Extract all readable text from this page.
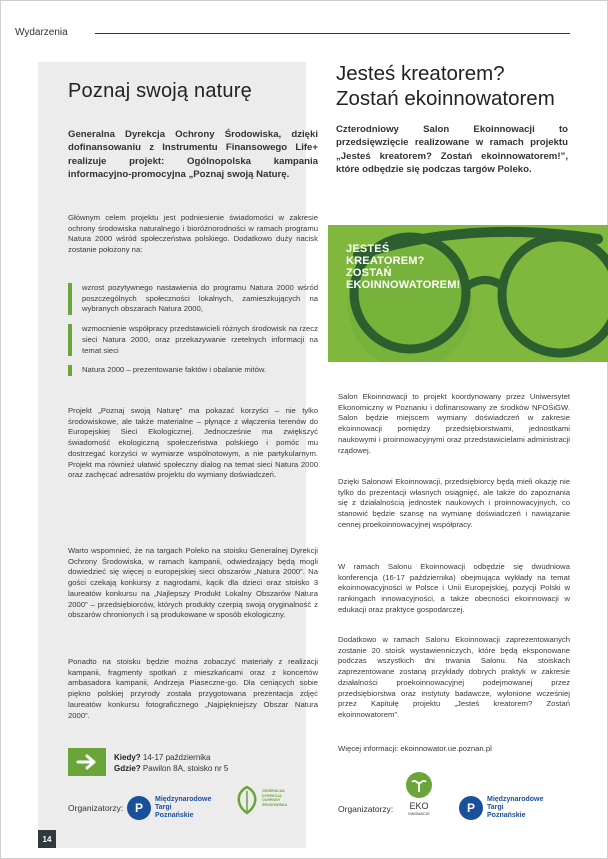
Wydarzenia
Poznaj swoją naturę
Generalna Dyrekcja Ochrony Środowiska, dzięki dofinansowaniu z Instrumentu Finansowego Life+ realizuje projekt: Ogólnopolska kampania informacyjno-promocyjna „Poznaj swoją Naturę.
Głównym celem projektu jest podniesienie świadomości w zakresie ochrony środowiska naturalnego i bioróżnorodności w ramach programu Natura 2000 wśród społeczeństwa polskiego. Dodatkowo duży nacisk zostanie położony na:
wzrost pozytywnego nastawienia do programu Natura 2000 wśród poszczególnych społeczności lokalnych, zamieszkujących na wybranych obszarach Natura 2000,
wzmocnienie współpracy przedstawicieli różnych środowisk na rzecz sieci Natura 2000, oraz przekazywanie rzetelnych informacji na temat sieci
Natura 2000 – prezentowanie faktów i obalanie mitów.
Projekt „Poznaj swoją Naturę” ma pokazać korzyści – nie tylko środowiskowe, ale także materialne – płynące z włączenia terenów do Europejskiej Sieci Ekologicznej. Jednocześnie ma zwiększyć świadomość ekologiczną społeczeństwa polskiego i pomóc mu dostrzegać korzyści w wymiarze wspólnotowym, a nie partykularnym. Projekt ma również ułatwić społeczny dialog na temat sieci Natura 2000 oraz zachęcać adresatów projektu do wymiany doświadczeń.
Warto wspomnieć, że na targach Poleko na stoisku Generalnej Dyrekcji Ochrony Środowiska, w ramach kampanii, odwiedzający będą mogli dowiedzieć się więcej o europejskiej sieci obszarów „Natura 2000”. Na gości czekają konkursy z nagrodami, kącik dla dzieci oraz stoisko 3 laureatów konkursu na „Najlepszy Produkt Lokalny Obszarów Natura 2000” – przedsiębiorców, których produkty czerpią swoją oryginalność z obszarów chronionych i są produkowane w sposób ekologiczny.
Ponadto na stoisku będzie można zobaczyć materiały z realizacji kampanii, fragmenty spotkań z mieszkańcami oraz z koncertów ambasadora kampanii, Andrzeja Piaseczne-go. Dla ceniących sobie piękno polskiej przyrody została przygotowana prezentacja zdjęć laureatów konkursu fotograficznego „Najpiękniejszy Obszar Natura 2000”.
Kiedy? 14-17 października
Gdzie? Pawilon 8A, stoisko nr 5
Organizatorzy: P
Międzynarodowe
Targi
Poznańskie
GENERALNA
DYREKCJA
OCHRONY
ŚRODOWISKA
14
Jesteś kreatorem?
Zostań ekoinnowatorem
Czterodniowy Salon Ekoinnowacji to przedsięwzięcie realizowane w ramach projektu „Jesteś kreatorem? Zostań ekoinnowatorem!”, które odbędzie się podczas targów Poleko.
JESTEŚ
KREATOREM?
ZOSTAŃ
EKOINNOWATOREM!
Salon Ekoinnowacji to projekt koordynowany przez Uniwersytet Ekonomiczny w Poznaniu i dofinansowany ze środków NFOŚiGW. Salon będzie miejscem wymiany doświadczeń w zakresie ekoinnowacji pomiędzy przedsiębiorstwami, jednostkami naukowymi i proinnowacyjnymi oraz przedstawicielami administracji rządowej.
Dzięki Salonowi Ekoinnowacji, przedsiębiorcy będą mieli okazję nie tylko do prezentacji własnych osiągnięć, ale także do zapoznania się z działalnością jednostek naukowych i proinnowacyjnych, co stanowić będzie szansę na wymianę doświadczeń i nawiązanie cennej proekoinnowacyjnej współpracy.
W ramach Salonu Ekoinnowacji odbędzie się dwudniowa konferencja (16-17 października) obejmująca wykłady na temat ekoinnowacyjności w Polsce i Unii Europejskiej, pozycji Polski w rankingach innowacyjności, a także obecności ekoinnowacji w edukacji oraz praktyce gospodarczej.
Dodatkowo w ramach Salonu Ekoinnowacji zaprezentowanych zostanie 20 stoisk wystawienniczych, które będą eksponowane podczas wszystkich dni trwania Salonu. Na stoiskach zaprezentowane zostaną przykłady dobrych praktyk w zakresie działalności proekoinnowacyjnej podejmowanej przez przedsiębiorstwa oraz instytuty badawcze, wyłonione wcześniej przez Kapitułę projektu „Jesteś kreatorem? Zostań ekoinnowatorem”.
Więcej informacji: ekoinnowator.ue.poznan.pl
Organizatorzy:	EKO
INNOWACJE	P
Międzynarodowe
Targi
Poznańskie
